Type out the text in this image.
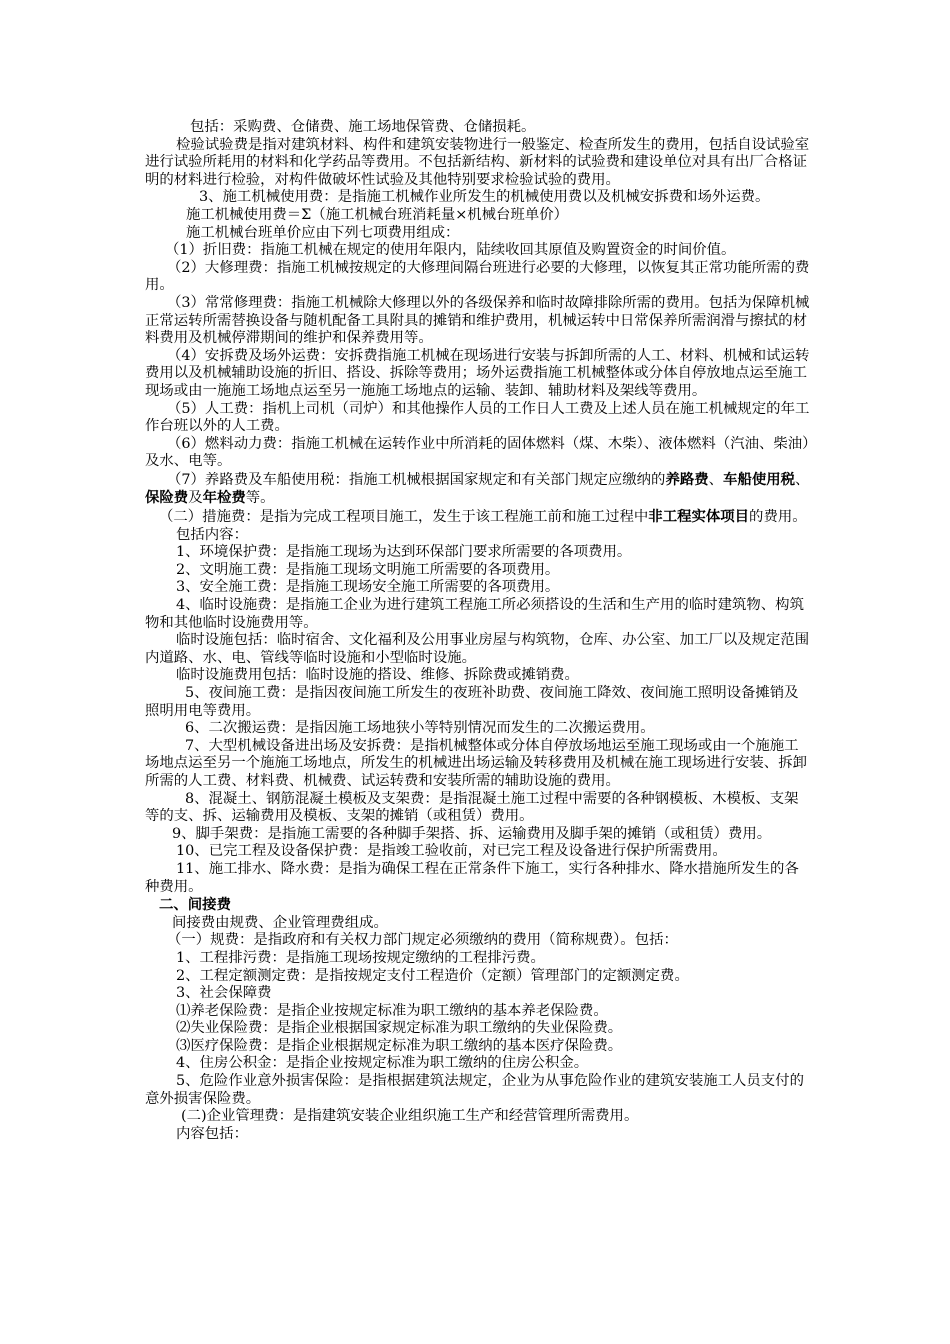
包括：采购费、仓储费、施工场地保管费、仓储损耗。

检验试验费是指对建筑材料、构件和建筑安装物进行一般鉴定、检查所发生的费用，包括自设试验室进行试验所耗用的材料和化学药品等费用。不包括新结构、新材料的试验费和建设单位对具有出厂合格证明的材料进行检验，对构件做破坏性试验及其他特别要求检验试验的费用。

3、施工机械使用费：是指施工机械作业所发生的机械使用费以及机械安拆费和场外运费。

施工机械使用费＝Σ（施工机械台班消耗量×机械台班单价）

施工机械台班单价应由下列七项费用组成：

（1）折旧费：指施工机械在规定的使用年限内，陆续收回其原值及购置资金的时间价值。

（2）大修理费：指施工机械按规定的大修理间隔台班进行必要的大修理，以恢复其正常功能所需的费用。

（3）常常修理费：指施工机械除大修理以外的各级保养和临时故障排除所需的费用。包括为保障机械正常运转所需替换设备与随机配备工具附具的摊销和维护费用，机械运转中日常保养所需润滑与擦拭的材料费用及机械停滞期间的维护和保养费用等。

（4）安拆费及场外运费：安拆费指施工机械在现场进行安装与拆卸所需的人工、材料、机械和试运转费用以及机械辅助设施的折旧、搭设、拆除等费用；场外运费指施工机械整体或分体自停放地点运至施工现场或由一施施工场地点运至另一施施工场地点的运输、装卸、辅助材料及架线等费用。

（5）人工费：指机上司机（司炉）和其他操作人员的工作日人工费及上述人员在施工机械规定的年工作台班以外的人工费。

（6）燃料动力费：指施工机械在运转作业中所消耗的固体燃料（煤、木柴）、液体燃料（汽油、柴油）及水、电等。

（7）养路费及车船使用税：指施工机械根据国家规定和有关部门规定应缴纳的养路费、车船使用税、保险费及年检费等。

（二）措施费：是指为完成工程项目施工，发生于该工程施工前和施工过程中非工程实体项目的费用。

包括内容：

1、环境保护费：是指施工现场为达到环保部门要求所需要的各项费用。

2、文明施工费：是指施工现场文明施工所需要的各项费用。

3、安全施工费：是指施工现场安全施工所需要的各项费用。

4、临时设施费：是指施工企业为进行建筑工程施工所必须搭设的生活和生产用的临时建筑物、构筑物和其他临时设施费用等。

临时设施包括：临时宿舍、文化福利及公用事业房屋与构筑物，仓库、办公室、加工厂以及规定范围内道路、水、电、管线等临时设施和小型临时设施。

临时设施费用包括：临时设施的搭设、维修、拆除费或摊销费。

5、夜间施工费：是指因夜间施工所发生的夜班补助费、夜间施工降效、夜间施工照明设备摊销及照明用电等费用。

6、二次搬运费：是指因施工场地狭小等特别情况而发生的二次搬运费用。

7、大型机械设备进出场及安拆费：是指机械整体或分体自停放场地运至施工现场或由一个施施工场地点运至另一个施施工场地点，所发生的机械进出场运输及转移费用及机械在施工现场进行安装、拆卸所需的人工费、材料费、机械费、试运转费和安装所需的辅助设施的费用。

8、混凝土、钢筋混凝土模板及支架费：是指混凝土施工过程中需要的各种钢模板、木模板、支架等的支、拆、运输费用及模板、支架的摊销（或租赁）费用。

9、脚手架费：是指施工需要的各种脚手架搭、拆、运输费用及脚手架的摊销（或租赁）费用。

10、已完工程及设备保护费：是指竣工验收前，对已完工程及设备进行保护所需费用。

11、施工排水、降水费：是指为确保工程在正常条件下施工，实行各种排水、降水措施所发生的各种费用。

二、间接费

间接费由规费、企业管理费组成。

（一）规费：是指政府和有关权力部门规定必须缴纳的费用（简称规费）。包括：

1、工程排污费：是指施工现场按规定缴纳的工程排污费。

2、工程定额测定费：是指按规定支付工程造价（定额）管理部门的定额测定费。

3、社会保障费

⑴养老保险费：是指企业按规定标准为职工缴纳的基本养老保险费。

⑵失业保险费：是指企业根据国家规定标准为职工缴纳的失业保险费。

⑶医疗保险费：是指企业根据规定标准为职工缴纳的基本医疗保险费。

4、住房公积金：是指企业按规定标准为职工缴纳的住房公积金。

5、危险作业意外损害保险：是指根据建筑法规定，企业为从事危险作业的建筑安装施工人员支付的意外损害保险费。

(二)企业管理费：是指建筑安装企业组织施工生产和经营管理所需费用。

内容包括：
